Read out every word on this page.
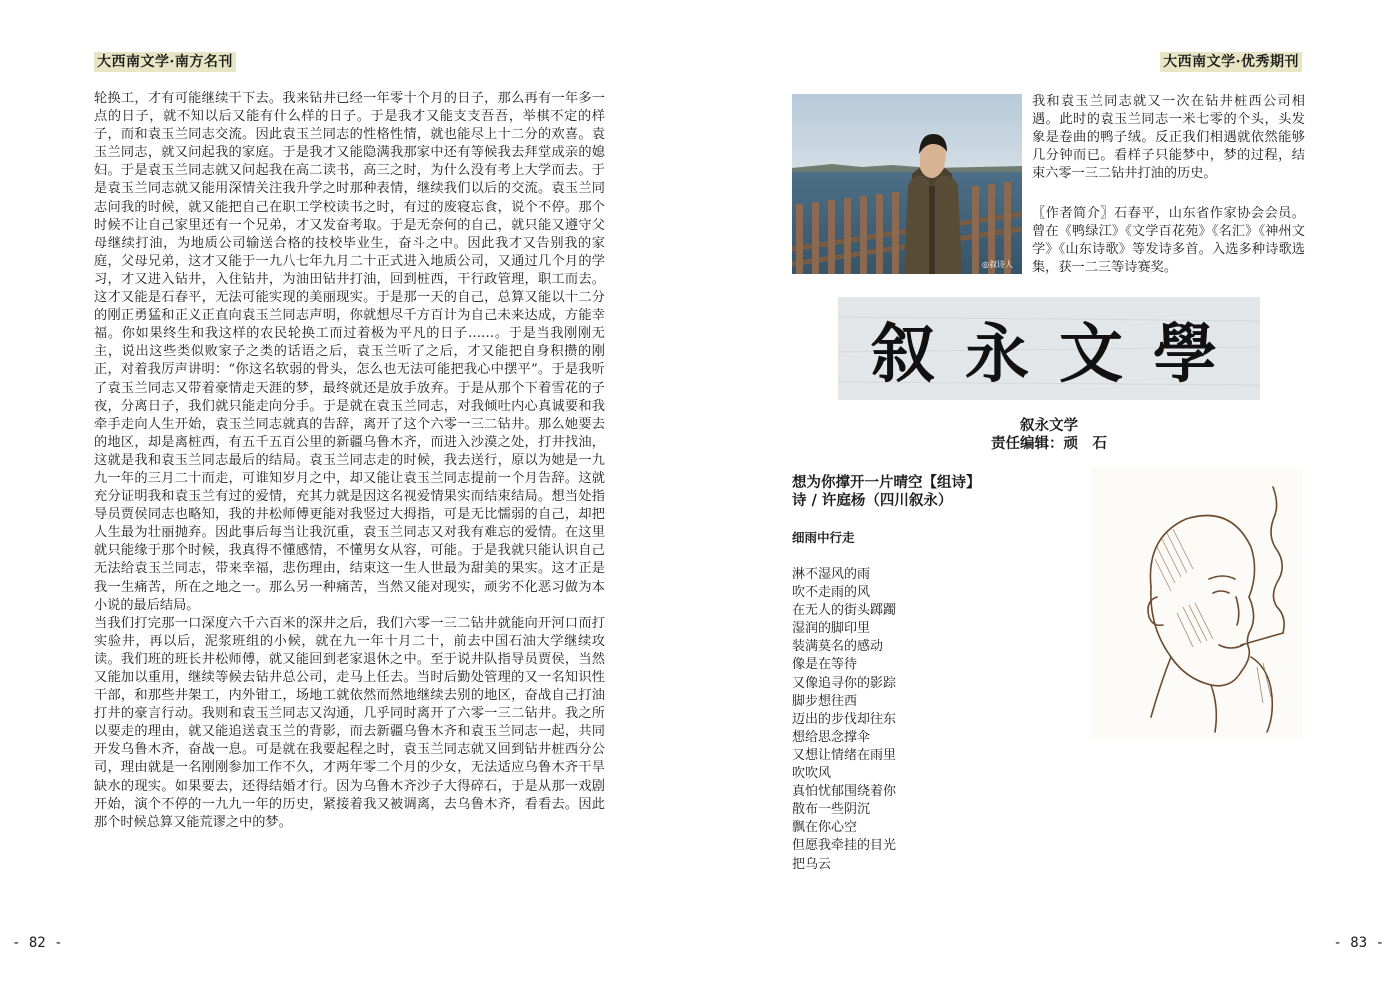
大西南文学·南方名刊

轮换工，才有可能继续干下去。我来钻井已经一年零十个月的日子，那么再有一年多一点的日子，就不知以后又能有什么样的日子。于是我才又能支支吾吾，举棋不定的样子，而和袁玉兰同志交流。因此袁玉兰同志的性格性情，就也能尽上十二分的欢喜。袁玉兰同志，就又问起我的家庭。于是我才又能隐满我那家中还有等候我去拜堂成亲的媳妇。于是袁玉兰同志就又问起我在高二读书，高三之时，为什么没有考上大学而去。于是袁玉兰同志就又能用深情关注我升学之时那种表情，继续我们以后的交流。袁玉兰同志问我的时候，就又能把自己在职工学校读书之时，有过的废寝忘食，说个不停。那个时候不让自己家里还有一个兄弟，才又发奋考取。于是无奈何的自己，就只能又遵守父母继续打油，为地质公司输送合格的技校毕业生，奋斗之中。因此我才又告别我的家庭，父母兄弟，这才又能于一九八七年九月二十正式进入地质公司，又通过几个月的学习，才又进入钻井，入住钻井，为油田钻井打油，回到桩西，干行政管理，职工而去。这才又能是石春平，无法可能实现的美丽现实。于是那一天的自己，总算又能以十二分的刚正勇猛和正义正直向袁玉兰同志声明，你就想尽千方百计为自己未来达成，方能幸福。你如果终生和我这样的农民轮换工而过着极为平凡的日子……。于是当我刚刚无主，说出这些类似败家子之类的话语之后，袁玉兰听了之后，才又能把自身积攒的刚正，对着我厉声讲明：“你这名软弱的骨头，怎么也无法可能把我心中摆平”。于是我听了袁玉兰同志又带着豪情走天涯的梦，最终就还是放手放弃。于是从那个下着雪花的子夜，分离日子，我们就只能走向分手。于是就在袁玉兰同志，对我倾吐内心真诚要和我牵手走向人生开始，袁玉兰同志就真的告辞，离开了这个六零一三二钻井。那么她要去的地区，却是离桩西，有五千五百公里的新疆乌鲁木齐，而进入沙漠之处，打井找油，这就是我和袁玉兰同志最后的结局。袁玉兰同志走的时候，我去送行，原以为她是一九九一年的三月二十而走，可谁知岁月之中，却又能让袁玉兰同志提前一个月告辞。这就充分证明我和袁玉兰有过的爱情，充其力就是因这名视爱情果实而结束结局。想当处指导员贾侯同志也略知，我的井松师傅更能对我竖过大拇指，可是无比懦弱的自己，却把人生最为壮丽抛弃。因此事后每当让我沉重，袁玉兰同志又对我有难忘的爱情。在这里就只能缘于那个时候，我真得不懂感情，不懂男女从容，可能。于是我就只能认识自己无法给袁玉兰同志，带来幸福，悲伤理由，结束这一生人世最为甜美的果实。这才正是我一生痛苦，所在之地之一。那么另一种痛苦，当然又能对现实，顽劣不化恶习做为本小说的最后结局。

当我们打完那一口深度六千六百米的深井之后，我们六零一三二钻井就能向开河口而打实验井，再以后，泥浆班组的小候，就在九一年十月二十，前去中国石油大学继续攻读。我们班的班长井松师傅，就又能回到老家退休之中。至于说井队指导员贾侯，当然又能加以重用，继续等候去钻井总公司，走马上任去。当时后勤处管理的又一名知识性干部，和那些井架工，内外钳工，场地工就依然而然地继续去别的地区，奋战自己打油打井的豪言行动。我则和袁玉兰同志又沟通，几乎同时离开了六零一三二钻井。我之所以要走的理由，就又能追送袁玉兰的背影，而去新疆乌鲁木齐和袁玉兰同志一起，共同开发乌鲁木齐，奋战一息。可是就在我要起程之时，袁玉兰同志就又回到钻井桩西分公司，理由就是一名刚刚参加工作不久，才两年零二个月的少女，无法适应乌鲁木齐干旱缺水的现实。如果要去，还得结婚才行。因为乌鲁木齐沙子大得碎石，于是从那一戏剧开始，演个不停的一九九一年的历史，紧接着我又被调离，去乌鲁木齐，看看去。因此那个时候总算又能荒谬之中的梦。

- 82 -
大西南文学·优秀期刊
◎叙诗人

我和袁玉兰同志就又一次在钻井桩西公司相遇。此时的袁玉兰同志一米七零的个头，头发象是卷曲的鸭子绒。反正我们相遇就依然能够几分钟而已。看样子只能梦中，梦的过程，结束六零一三二钻井打油的历史。

〖作者简介〗石春平，山东省作家协会会员。曾在《鸭绿江》《文学百花苑》《名汇》《神州文学》《山东诗歌》等发诗多首。入选多种诗歌选集，获一二三等诗赛奖。

叙永文學
叙永文学
责任编辑：顽　石
想为你撑开一片晴空【组诗】
诗 / 许庭杨（四川叙永）
细雨中行走
淋不湿风的雨
吹不走雨的风
在无人的街头踯躅
湿润的脚印里
装满莫名的感动
像是在等待
又像追寻你的影踪
脚步想往西
迈出的步伐却往东
想给思念撑伞
又想让情绪在雨里
吹吹风
真怕忧郁围绕着你
散布一些阴沉
飘在你心空
但愿我牵挂的目光
把乌云
- 83 -
